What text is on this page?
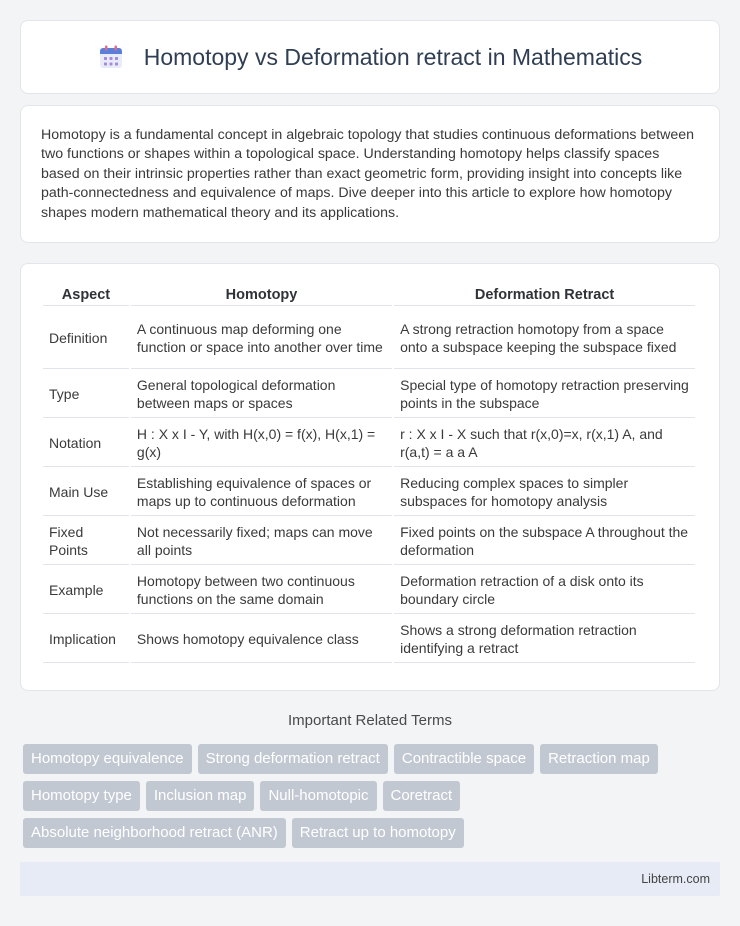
Homotopy vs Deformation retract in Mathematics

Homotopy is a fundamental concept in algebraic topology that studies continuous deformations between two functions or shapes within a topological space. Understanding homotopy helps classify spaces based on their intrinsic properties rather than exact geometric form, providing insight into concepts like path-connectedness and equivalence of maps. Dive deeper into this article to explore how homotopy shapes modern mathematical theory and its applications.

Aspect	Homotopy	Deformation Retract
Definition	A continuous map deforming one function or space into another over time	A strong retraction homotopy from a space onto a subspace keeping the subspace fixed
Type	General topological deformation between maps or spaces	Special type of homotopy retraction preserving points in the subspace
Notation	H : X x I - Y, with H(x,0) = f(x), H(x,1) = g(x)	r : X x I - X such that r(x,0)=x, r(x,1) A, and r(a,t) = a a A
Main Use	Establishing equivalence of spaces or maps up to continuous deformation	Reducing complex spaces to simpler subspaces for homotopy analysis
Fixed Points	Not necessarily fixed; maps can move all points	Fixed points on the subspace A throughout the deformation
Example	Homotopy between two continuous functions on the same domain	Deformation retraction of a disk onto its boundary circle
Implication	Shows homotopy equivalence class	Shows a strong deformation retraction identifying a retract
Important Related Terms
Homotopy equivalence	Strong deformation retract	Contractible space	Retraction map
Homotopy type	Inclusion map	Null-homotopic	Coretract
Absolute neighborhood retract (ANR)	Retract up to homotopy
Libterm.com
